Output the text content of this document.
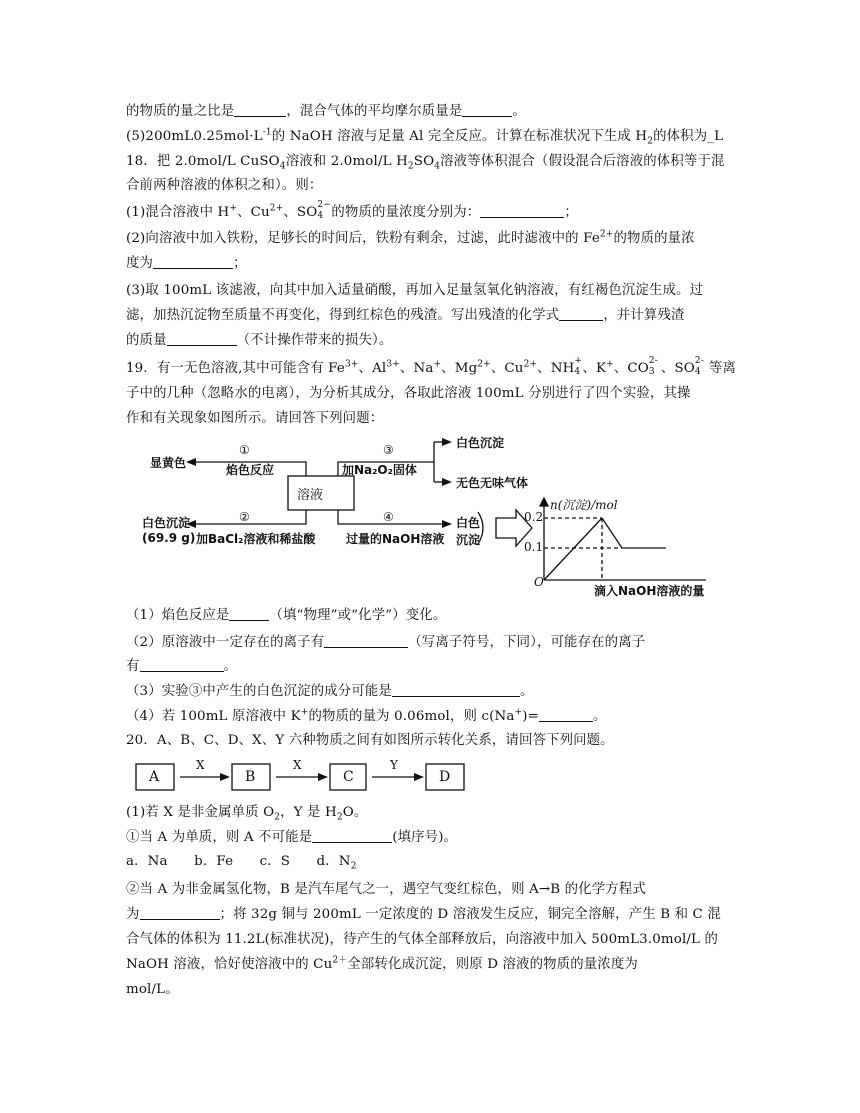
的物质的量之比是	，混合气体的平均摩尔质量是	。
$(5)200mL0.25mol\cdot L^{-1}$的 NaOH 溶液与足量 Al 完全反应。计算在标准状况下生成 $H_2$的体积为_L
18．把 2.0mol/L CuSO$_4$溶液和 2.0mol/L $H_2SO_4$溶液等体积混合（假设混合后溶液的体积等于混
合前两种溶液的体积之和）。则：
(1)混合溶液中 H+、$Cu^{2+}$、SO 2−
4 的物质的量浓度分别为：	；
(2)向溶液中加入铁粉，足够长的时间后，铁粉有剩余，过滤，此时滤液中的 $Fe^{2+}$的物质的量浓
度为	；
(3)取 100mL 该滤液，向其中加入适量硝酸，再加入足量氢氧化钠溶液，有红褐色沉淀生成。过
滤，加热沉淀物至质量不再变化，得到红棕色的残渣。写出残渣的化学式	，并计算残渣
的质量	（不计操作带来的损失）。
19．有一无色溶液,其中可能含有 $Fe^{3+}$、$Al^{3+}$、Na+、$Mg^{2+}$、$Cu^{2+}$、NH +
4 、K+、CO 2-
3 、SO 2-
4 等离
子中的几种（忽略水的电离），为分析其成分，各取此溶液 100mL 分别进行了四个实验，其操
作和有关现象如图所示。请回答下列问题：
显黄色
①
焰色反应
白色沉淀
(69.9 g)
②
加BaCl₂溶液和稀盐酸
溶液
③
加Na₂O₂固体
白色沉淀
无色无味气体
④
过量的NaOH溶液
白色
沉淀
n(沉淀)/mol
0.2
0.1
O
滴入NaOH溶液的量
（1）焰色反应是	（填“物理”或“化学”）变化。
（2）原溶液中一定存在的离子有	（写离子符号，下同），可能存在的离子
有	。
（3）实验③中产生的白色沉淀的成分可能是	。
（4）若 100mL 原溶液中 K+的物质的量为 0.06mol，则 c(Na+)=	。
20．A、B、C、D、X、Y 六种物质之间有如图所示转化关系，请回答下列问题。
A	B	C	D
X	X	Y
(1)若 X 是非金属单质 $O_2$，Y 是 $H_2O$。
①当 A 为单质，则 A 不可能是	(填序号)。
a．Na      b．Fe      c．S      d．$N_2$
②当 A 为非金属氢化物，B 是汽车尾气之一，遇空气变红棕色，则 A→B 的化学方程式
为	；将 32g 铜与 200mL 一定浓度的 D 溶液发生反应，铜完全溶解，产生 B 和 C 混
合气体的体积为 11.2L(标准状况)，待产生的气体全部释放后，向溶液中加入 500mL3.0mol/L 的
NaOH 溶液，恰好使溶液中的 $Cu^{2+}$全部转化成沉淀，则原 D 溶液的物质的量浓度为
mol/L。
